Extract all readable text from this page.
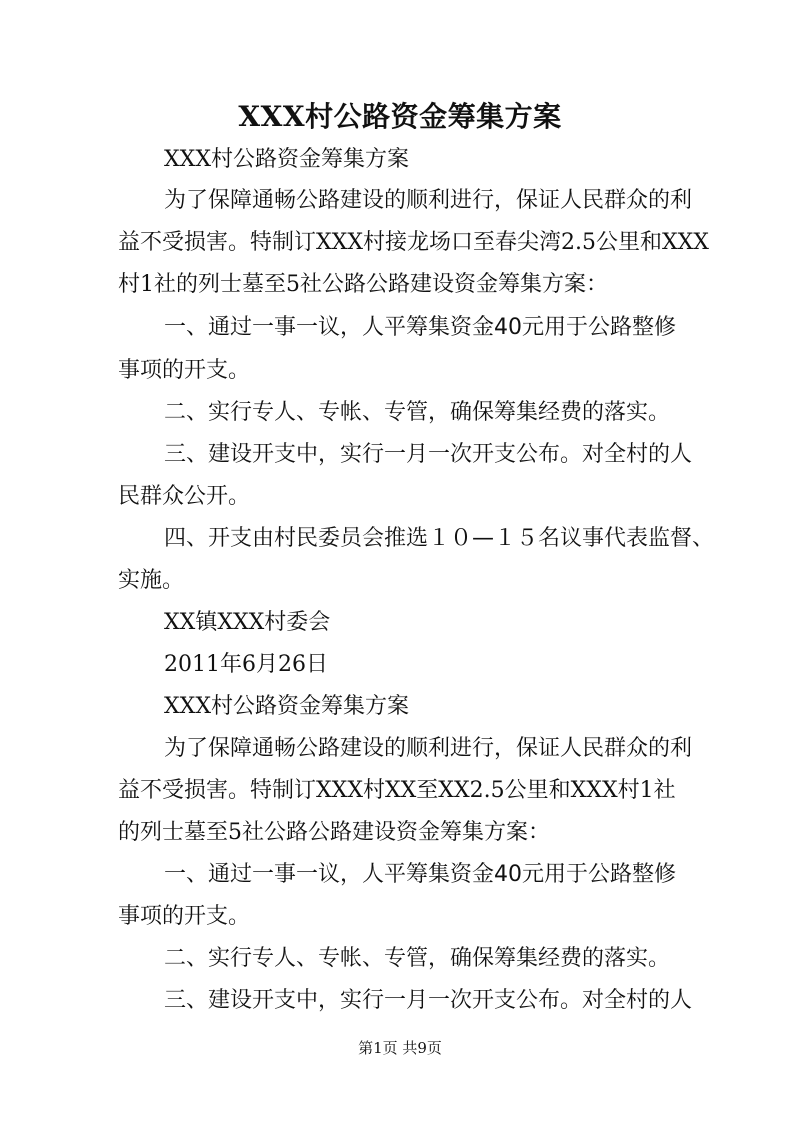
XXX村公路资金筹集方案
XXX村公路资金筹集方案
为了保障通畅公路建设的顺利进行，保证人民群众的利
益不受损害。特制订XXX村接龙场口至春尖湾2.5公里和XXX
村1社的列士墓至5社公路公路建设资金筹集方案：
一、通过一事一议，人平筹集资金40元用于公路整修
事项的开支。
二、实行专人、专帐、专管，确保筹集经费的落实。
三、建设开支中，实行一月一次开支公布。对全村的人
民群众公开。
四、开支由村民委员会推选１０—１５名议事代表监督、
实施。
XX镇XXX村委会
2011年6月26日
XXX村公路资金筹集方案
为了保障通畅公路建设的顺利进行，保证人民群众的利
益不受损害。特制订XXX村XX至XX2.5公里和XXX村1社
的列士墓至5社公路公路建设资金筹集方案：
一、通过一事一议，人平筹集资金40元用于公路整修
事项的开支。
二、实行专人、专帐、专管，确保筹集经费的落实。
三、建设开支中，实行一月一次开支公布。对全村的人
第1页 共9页
